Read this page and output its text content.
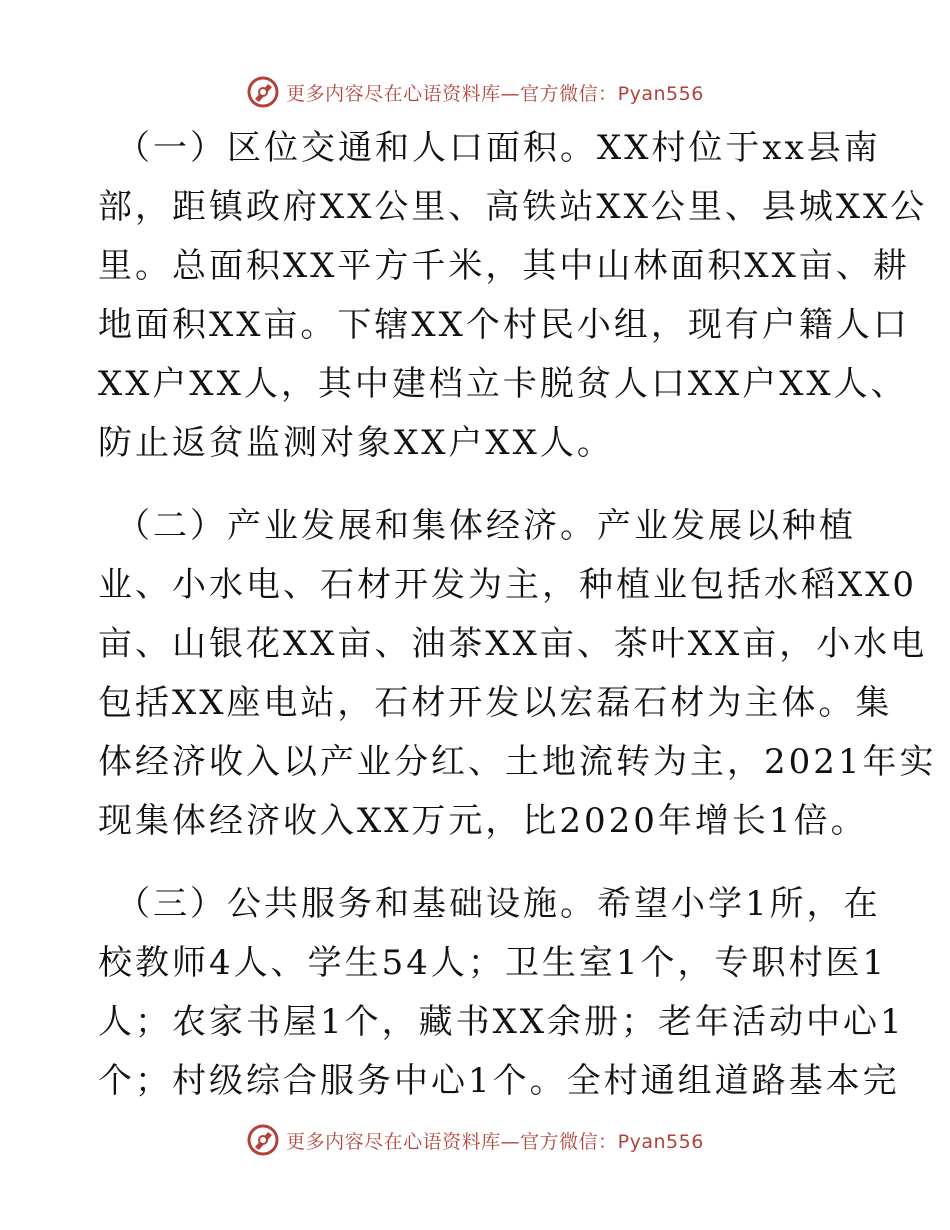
更多内容尽在心语资料库—官方微信：Pyan556
（一）区位交通和人口面积。XX村位于xx县南
部，距镇政府XX公里、高铁站XX公里、县城XX公
里。总面积XX平方千米，其中山林面积XX亩、耕
地面积XX亩。下辖XX个村民小组，现有户籍人口
XX户XX人，其中建档立卡脱贫人口XX户XX人、
防止返贫监测对象XX户XX人。
（二）产业发展和集体经济。产业发展以种植
业、小水电、石材开发为主，种植业包括水稻XX0
亩、山银花XX亩、油茶XX亩、茶叶XX亩，小水电
包括XX座电站，石材开发以宏磊石材为主体。集
体经济收入以产业分红、土地流转为主，2021年实
现集体经济收入XX万元，比2020年增长1倍。
（三）公共服务和基础设施。希望小学1所，在
校教师4人、学生54人；卫生室1个，专职村医1
人；农家书屋1个，藏书XX余册；老年活动中心1
个；村级综合服务中心1个。全村通组道路基本完
更多内容尽在心语资料库—官方微信：Pyan556
